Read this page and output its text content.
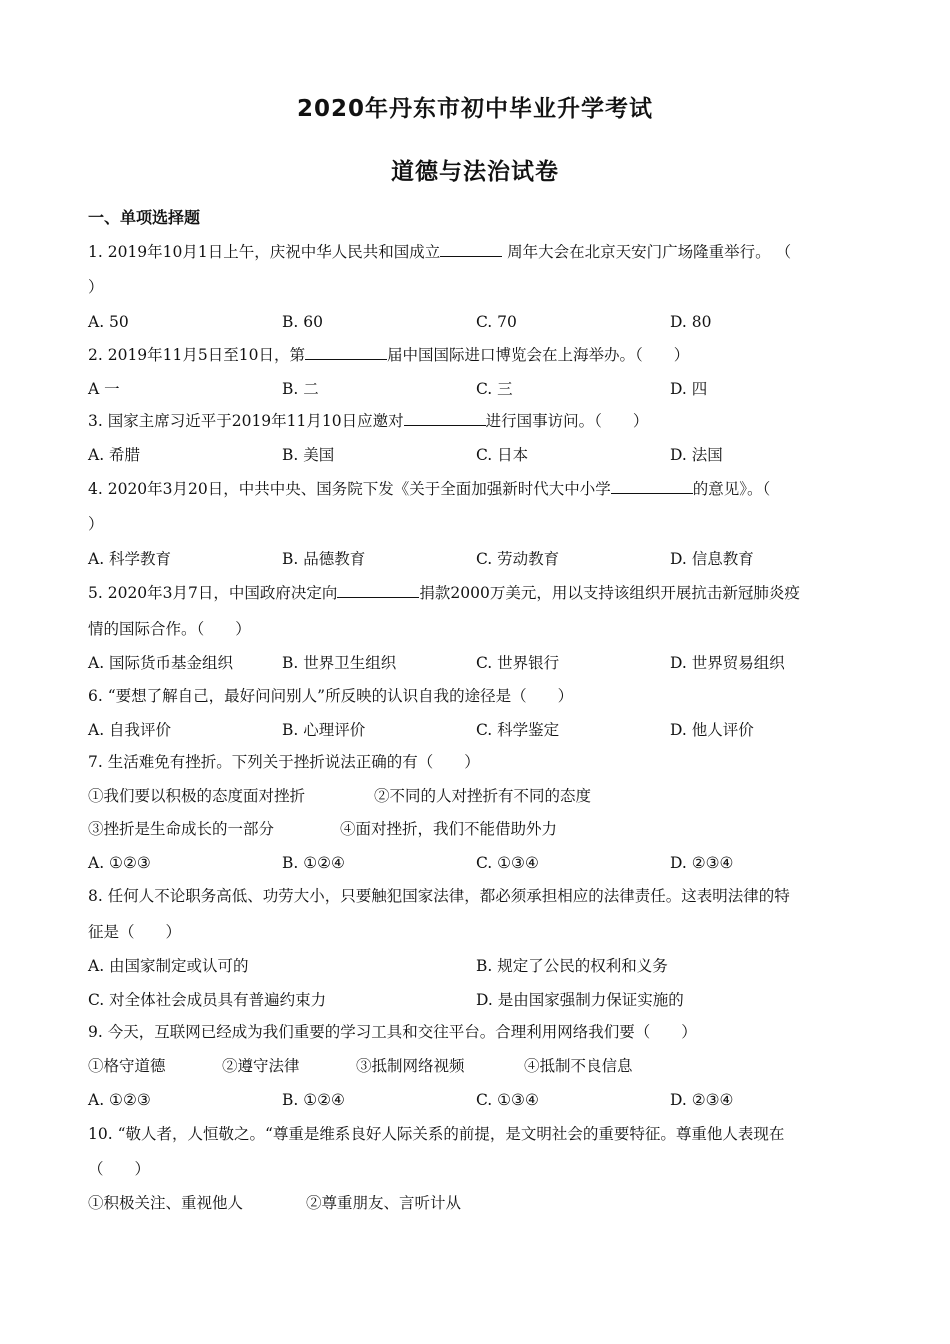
2020年丹东市初中毕业升学考试
道德与法治试卷
一、单项选择题
1. 2019年10月1日上午，庆祝中华人民共和国成立	周年大会在北京天安门广场隆重举行。 （
）
A. 50	B. 60	C. 70	D. 80
2. 2019年11月5日至10日，第	届中国国际进口博览会在上海举办。（　　）
A 一	B. 二	C. 三	D. 四
3. 国家主席习近平于2019年11月10日应邀对	进行国事访问。（　　）
A. 希腊	B. 美国	C. 日本	D. 法国
4. 2020年3月20日，中共中央、国务院下发《关于全面加强新时代大中小学	的意见》。（
）
A. 科学教育	B. 品德教育	C. 劳动教育	D. 信息教育
5. 2020年3月7日，中国政府决定向	捐款2000万美元，用以支持该组织开展抗击新冠肺炎疫
情的国际合作。（　　）
A. 国际货币基金组织	B. 世界卫生组织	C. 世界银行	D. 世界贸易组织
6. “要想了解自己，最好问问别人”所反映的认识自我的途径是（　　）
A. 自我评价	B. 心理评价	C. 科学鉴定	D. 他人评价
7. 生活难免有挫折。下列关于挫折说法正确的有（　　）
①我们要以积极的态度面对挫折	②不同的人对挫折有不同的态度
③挫折是生命成长的一部分	④面对挫折，我们不能借助外力
A. ①②③	B. ①②④	C. ①③④	D. ②③④
8. 任何人不论职务高低、功劳大小，只要触犯国家法律，都必须承担相应的法律责任。这表明法律的特
征是（　　）
A. 由国家制定或认可的	B. 规定了公民的权利和义务
C. 对全体社会成员具有普遍约束力	D. 是由国家强制力保证实施的
9. 今天，互联网已经成为我们重要的学习工具和交往平台。合理利用网络我们要（　　）
①格守道德	②遵守法律	③抵制网络视频	④抵制不良信息
A. ①②③	B. ①②④	C. ①③④	D. ②③④
10. “敬人者，人恒敬之。“尊重是维系良好人际关系的前提，是文明社会的重要特征。尊重他人表现在
（　　）
①积极关注、重视他人	②尊重朋友、言听计从
